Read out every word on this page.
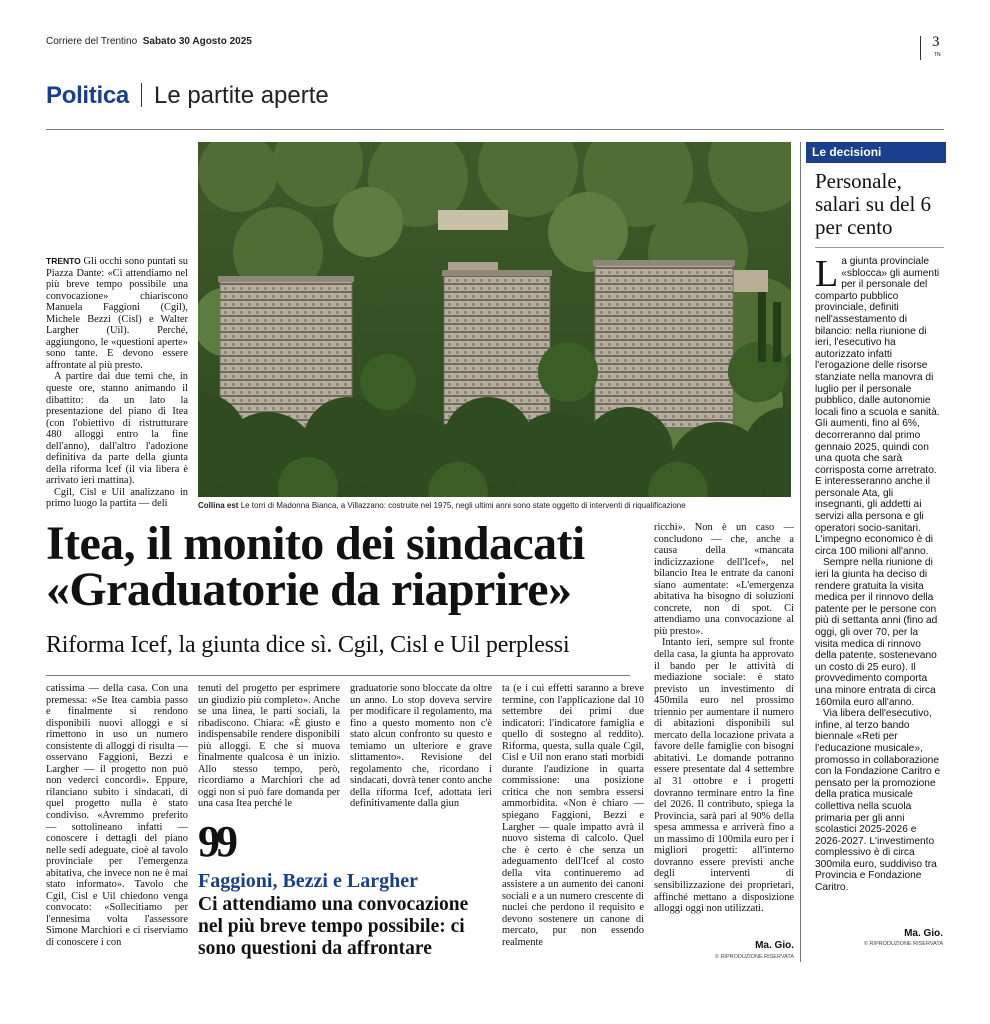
Corriere del Trentino Sabato 30 Agosto 2025	3
TN
Politica Le partite aperte

TRENTO Gli occhi sono puntati su Piazza Dante: «Ci attendiamo nel più breve tempo possibile una convocazione» chiariscono Manuela Faggioni (Cgil), Michele Bezzi (Cisl) e Walter Largher (Uil). Perché, aggiungono, le «questioni aperte» sono tante. E devono essere affrontate al più presto.

A partire dai due temi che, in queste ore, stanno animando il dibattito: da un lato la presentazione del piano di Itea (con l'obiettivo di ristrutturare 480 alloggi entro la fine dell'anno), dall'altro l'adozione definitiva da parte della giunta della riforma Icef (il via libera è arrivato ieri mattina).

Cgil, Cisl e Uil analizzano in primo luogo la partita — deli	Collina est Le torri di Madonna Bianca, a Villazzano: costruite nel 1975, negli ultimi anni sono state oggetto di interventi di riqualificazione
Itea, il monito dei sindacati
«Graduatorie da riaprire»
Riforma Icef, la giunta dice sì. Cgil, Cisl e Uil perplessi

catissima — della casa. Con una premessa: «Se Itea cambia passo e finalmente si rendono disponibili nuovi alloggi e si rimettono in uso un numero consistente di alloggi di risulta — osservano Faggioni, Bezzi e Largher — il progetto non può non vederci concordi». Eppure, rilanciano subito i sindacati, di quel progetto nulla è stato condiviso. «Avremmo preferito — sottolineano infatti — conoscere i dettagli del piano nelle sedi adeguate, cioè al tavolo provinciale per l'emergenza abitativa, che invece non ne è mai stato informato». Tavolo che Cgil, Cisl e Uil chiedono venga convocato: «Sollecitiamo per l'ennesima volta l'assessore Simone Marchiori e ci riserviamo di conoscere i con

tenuti del progetto per esprimere un giudizio più completo». Anche se una linea, le parti sociali, la ribadiscono. Chiara: «È giusto e indispensabile rendere disponibili più alloggi. E che si muova finalmente qualcosa è un inizio. Allo stesso tempo, però, ricordiamo a Marchiori che ad oggi non si può fare domanda per una casa Itea perché le

graduatorie sono bloccate da oltre un anno. Lo stop doveva servire per modificare il regolamento, ma fino a questo momento non c'è stato alcun confronto su questo e temiamo un ulteriore e grave slittamento». Revisione del regolamento che, ricordano i sindacati, dovrà tener conto anche della riforma Icef, adottata ieri definitivamente dalla giun

ta (e i cui effetti saranno a breve termine, con l'applicazione dal 10 settembre dei primi due indicatori: l'indicatore famiglia e quello di sostegno al reddito). Riforma, questa, sulla quale Cgil, Cisl e Uil non erano stati morbidi durante l'audizione in quarta commissione: una posizione critica che non sembra essersi ammorbidita. «Non è chiaro — spiegano Faggioni, Bezzi e Largher — quale impatto avrà il nuovo sistema di calcolo. Quel che è certo è che senza un adeguamento dell'Icef al costo della vita continueremo ad assistere a un aumento dei canoni sociali e a un numero crescente di nuclei che perdono il requisito e devono sostenere un canone di mercato, pur non essendo realmente

ricchi». Non è un caso — concludono — che, anche a causa della «mancata indicizzazione dell'Icef», nel bilancio Itea le entrate da canoni siano aumentate: «L'emergenza abitativa ha bisogno di soluzioni concrete, non di spot. Ci attendiamo una convocazione al più presto».

Intanto ieri, sempre sul fronte della casa, la giunta ha approvato il bando per le attività di mediazione sociale: è stato previsto un investimento di 450mila euro nel prossimo triennio per aumentare il numero di abitazioni disponibili sul mercato della locazione privata a favore delle famiglie con bisogni abitativi. Le domande potranno essere presentate dal 4 settembre al 31 ottobre e i progetti dovranno terminare entro la fine del 2026. Il contributo, spiega la Provincia, sarà pari al 90% della spesa ammessa e arriverà fino a un massimo di 100mila euro per i migliori progetti: all'interno dovranno essere previsti anche degli interventi di sensibilizzazione dei proprietari, affinché mettano a disposizione alloggi oggi non utilizzati.

Ma. Gio.
© RIPRODUZIONE RISERVATA
99
Faggioni, Bezzi e Largher
Ci attendiamo una convocazione nel più breve tempo possibile: ci sono questioni da affrontare
Le decisioni
Personale, salari su del 6 per cento

La giunta provinciale «sblocca» gli aumenti per il personale del comparto pubblico provinciale, definiti nell'assestamento di bilancio: nella riunione di ieri, l'esecutivo ha autorizzato infatti l'erogazione delle risorse stanziate nella manovra di luglio per il personale pubblico, dalle autonomie locali fino a scuola e sanità. Gli aumenti, fino al 6%, decorreranno dal primo gennaio 2025, quindi con una quota che sarà corrisposta come arretrato. E interesseranno anche il personale Ata, gli insegnanti, gli addetti ai servizi alla persona e gli operatori socio-sanitari. L'impegno economico è di circa 100 milioni all'anno.

Sempre nella riunione di ieri la giunta ha deciso di rendere gratuita la visita medica per il rinnovo della patente per le persone con più di settanta anni (fino ad oggi, gli over 70, per la visita medica di rinnovo della patente, sostenevano un costo di 25 euro). Il provvedimento comporta una minore entrata di circa 160mila euro all'anno.

Via libera dell'esecutivo, infine, al terzo bando biennale «Reti per l'educazione musicale», promosso in collaborazione con la Fondazione Caritro e pensato per la promozione della pratica musicale collettiva nella scuola primaria per gli anni scolastici 2025-2026 e 2026-2027. L'investimento complessivo è di circa 300mila euro, suddiviso tra Provincia e Fondazione Caritro.

Ma. Gio.
© RIPRODUZIONE RISERVATA
